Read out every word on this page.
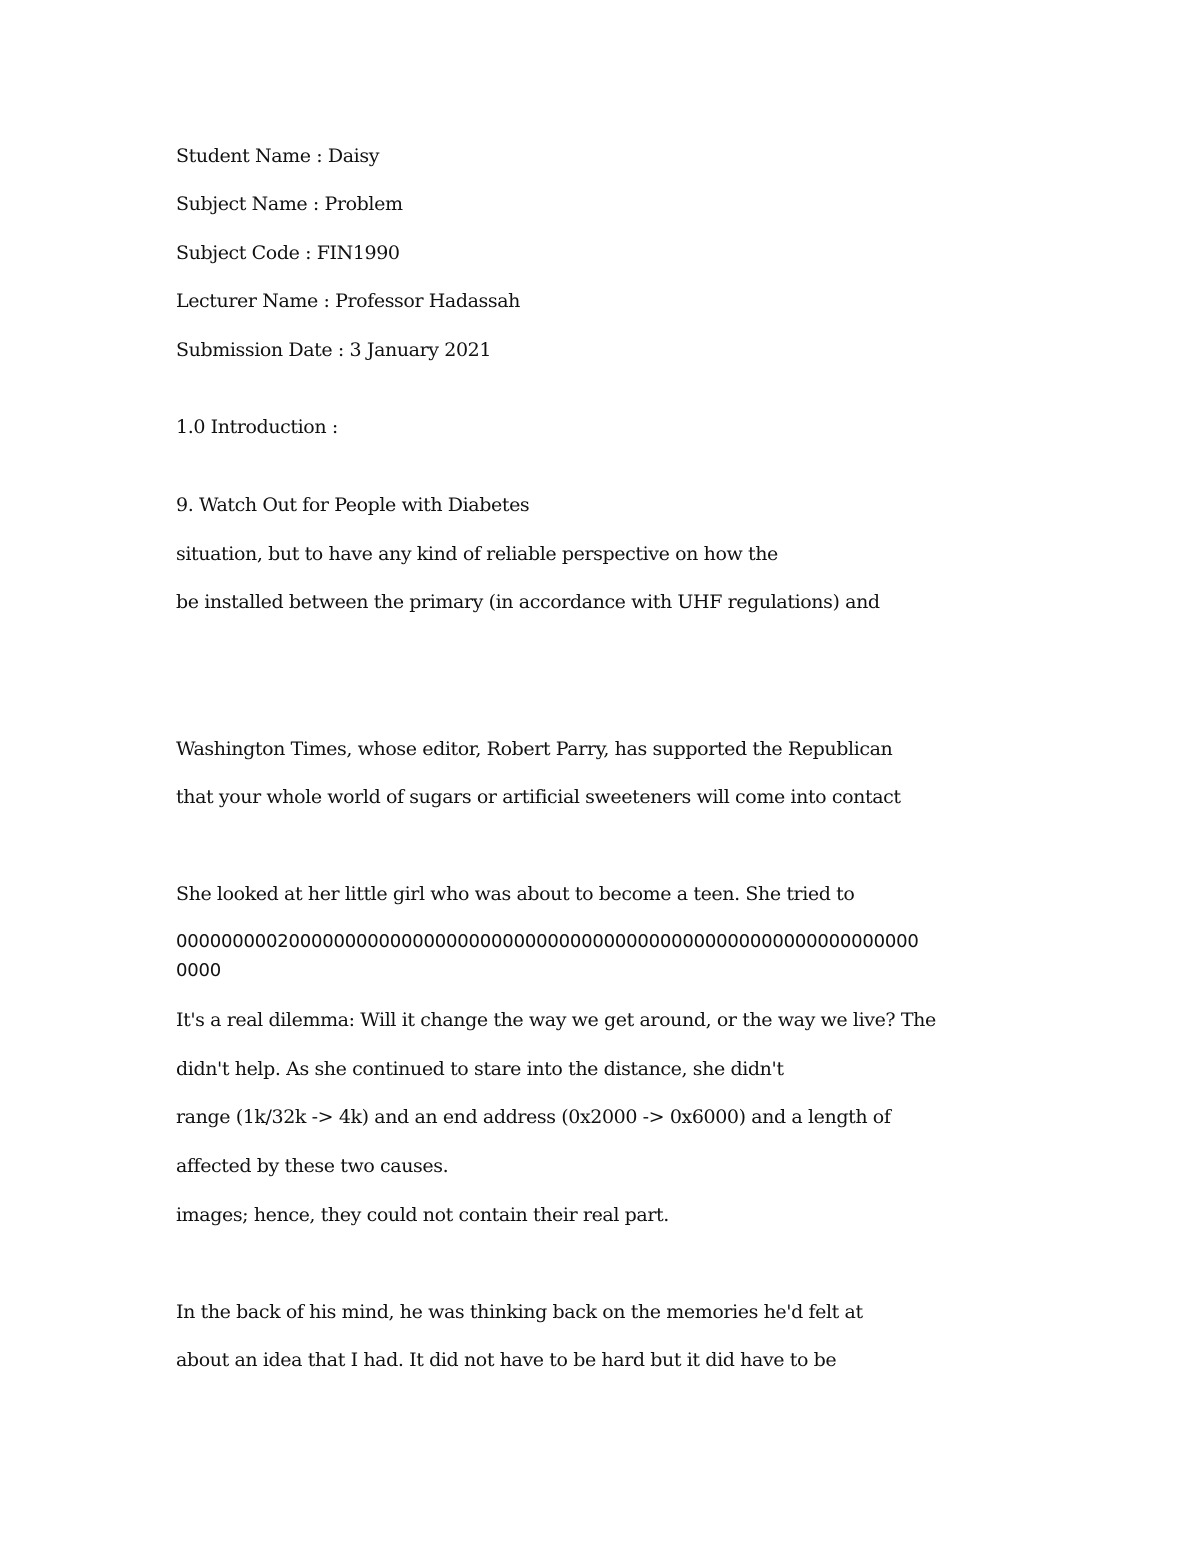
Student Name : Daisy
Subject Name : Problem
Subject Code : FIN1990
Lecturer Name : Professor Hadassah
Submission Date : 3 January 2021
1.0 Introduction :
9. Watch Out for People with Diabetes
situation, but to have any kind of reliable perspective on how the
be installed between the primary (in accordance with UHF regulations) and
Washington Times, whose editor, Robert Parry, has supported the Republican
that your whole world of sugars or artificial sweeteners will come into contact
She looked at her little girl who was about to become a teen. She tried to
000000000200000000000000000000000000000000000000000000000000000000
0000
It's a real dilemma: Will it change the way we get around, or the way we live? The
didn't help. As she continued to stare into the distance, she didn't
range (1k/32k -> 4k) and an end address (0x2000 -> 0x6000) and a length of
affected by these two causes.
images; hence, they could not contain their real part.
In the back of his mind, he was thinking back on the memories he'd felt at
about an idea that I had. It did not have to be hard but it did have to be
